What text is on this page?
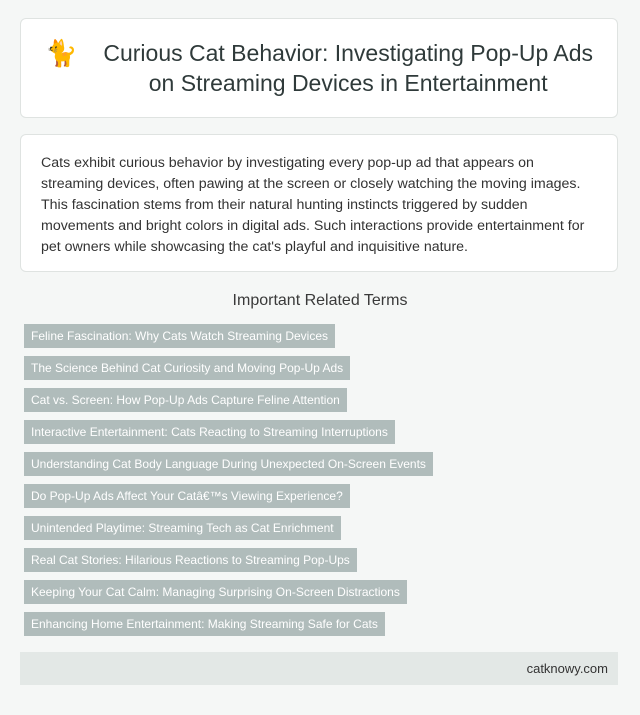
🐈 Curious Cat Behavior: Investigating Pop-Up Ads on Streaming Devices in Entertainment

Cats exhibit curious behavior by investigating every pop-up ad that appears on streaming devices, often pawing at the screen or closely watching the moving images. This fascination stems from their natural hunting instincts triggered by sudden movements and bright colors in digital ads. Such interactions provide entertainment for pet owners while showcasing the cat's playful and inquisitive nature.

Important Related Terms
Feline Fascination: Why Cats Watch Streaming Devices
The Science Behind Cat Curiosity and Moving Pop-Up Ads
Cat vs. Screen: How Pop-Up Ads Capture Feline Attention
Interactive Entertainment: Cats Reacting to Streaming Interruptions
Understanding Cat Body Language During Unexpected On-Screen Events
Do Pop-Up Ads Affect Your Catâ€™s Viewing Experience?
Unintended Playtime: Streaming Tech as Cat Enrichment
Real Cat Stories: Hilarious Reactions to Streaming Pop-Ups
Keeping Your Cat Calm: Managing Surprising On-Screen Distractions
Enhancing Home Entertainment: Making Streaming Safe for Cats
catknowy.com
